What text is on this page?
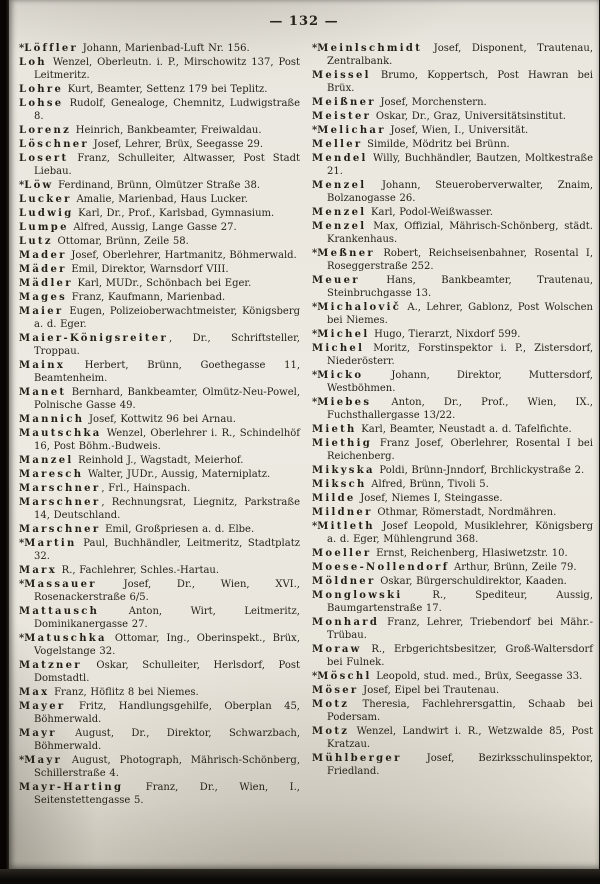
— 132 —

*Löffler Johann, Marienbad-Luft Nr. 156.

Loh Wenzel, Oberleutn. i. P., Mirschowitz 137, Post Leitmeritz.

Lohre Kurt, Beamter, Settenz 179 bei Teplitz.

Lohse Rudolf, Genealoge, Chemnitz, Ludwigstraße 8.

Lorenz Heinrich, Bankbeamter, Freiwaldau.

Löschner Josef, Lehrer, Brüx, Seegasse 29.

Losert Franz, Schulleiter, Altwasser, Post Stadt Liebau.

*Löw Ferdinand, Brünn, Olmützer Straße 38.

Lucker Amalie, Marienbad, Haus Lucker.

Ludwig Karl, Dr., Prof., Karlsbad, Gymnasium.

Lumpe Alfred, Aussig, Lange Gasse 27.

Lutz Ottomar, Brünn, Zeile 58.

Mader Josef, Oberlehrer, Hartmanitz, Böhmerwald.

Mäder Emil, Direktor, Warnsdorf VIII.

Mädler Karl, MUDr., Schönbach bei Eger.

Mages Franz, Kaufmann, Marienbad.

Maier Eugen, Polizeioberwachtmeister, Königsberg a. d. Eger.

Maier-Königsreiter, Dr., Schriftsteller, Troppau.

Mainx Herbert, Brünn, Goethegasse 11, Beamtenheim.

Manet Bernhard, Bankbeamter, Olmütz-Neu-Powel, Polnische Gasse 49.

Mannich Josef, Kottwitz 96 bei Arnau.

Mautschka Wenzel, Oberlehrer i. R., Schindelhöf 16, Post Böhm.-Budweis.

Manzel Reinhold J., Wagstadt, Meierhof.

Maresch Walter, JUDr., Aussig, Materniplatz.

Marschner, Frl., Hainspach.

Marschner, Rechnungsrat, Liegnitz, Parkstraße 14, Deutschland.

Marschner Emil, Großpriesen a. d. Elbe.

*Martin Paul, Buchhändler, Leitmeritz, Stadtplatz 32.

Marx R., Fachlehrer, Schles.-Hartau.

*Massauer Josef, Dr., Wien, XVI., Rosenackerstraße 6/5.

Mattausch Anton, Wirt, Leitmeritz, Dominikanergasse 27.

*Matuschka Ottomar, Ing., Oberinspekt., Brüx, Vogelstange 32.

Matzner Oskar, Schulleiter, Herlsdorf, Post Domstadtl.

Max Franz, Höflitz 8 bei Niemes.

Mayer Fritz, Handlungsgehilfe, Oberplan 45, Böhmerwald.

Mayr August, Dr., Direktor, Schwarzbach, Böhmerwald.

*Mayr August, Photograph, Mährisch-Schönberg, Schillerstraße 4.

Mayr-Harting Franz, Dr., Wien, I., Seitenstettengasse 5.

*Meinlschmidt Josef, Disponent, Trautenau, Zentralbank.

Meissel Brumo, Koppertsch, Post Hawran bei Brüx.

Meißner Josef, Morchenstern.

Meister Oskar, Dr., Graz, Universitätsinstitut.

*Melichar Josef, Wien, I., Universität.

Meller Similde, Mödritz bei Brünn.

Mendel Willy, Buchhändler, Bautzen, Moltkestraße 21.

Menzel Johann, Steueroberverwalter, Znaim, Bolzanogasse 26.

Menzel Karl, Podol-Weißwasser.

Menzel Max, Offizial, Mährisch-Schönberg, städt. Krankenhaus.

*Meßner Robert, Reichseisenbahner, Rosental I, Roseggerstraße 252.

Meuer Hans, Bankbeamter, Trautenau, Steinbruchgasse 13.

*Michalovič A., Lehrer, Gablonz, Post Wolschen bei Niemes.

*Michel Hugo, Tierarzt, Nixdorf 599.

Michel Moritz, Forstinspektor i. P., Zistersdorf, Niederösterr.

*Micko Johann, Direktor, Muttersdorf, Westböhmen.

*Miebes Anton, Dr., Prof., Wien, IX., Fuchsthallergasse 13/22.

Mieth Karl, Beamter, Neustadt a. d. Tafelfichte.

Miethig Franz Josef, Oberlehrer, Rosental I bei Reichenberg.

Mikyska Poldi, Brünn-Jnndorf, Brchlickystraße 2.

Miksch Alfred, Brünn, Tivoli 5.

Milde Josef, Niemes I, Steingasse.

Mildner Othmar, Römerstadt, Nordmähren.

*Mitleth Josef Leopold, Musiklehrer, Königsberg a. d. Eger, Mühlengrund 368.

Moeller Ernst, Reichenberg, Hlasiwetzstr. 10.

Moese-Nollendorf Arthur, Brünn, Zeile 79.

Möldner Oskar, Bürgerschuldirektor, Kaaden.

Monglowski R., Spediteur, Aussig, Baumgartenstraße 17.

Monhard Franz, Lehrer, Triebendorf bei Mähr.-Trübau.

Moraw R., Erbgerichtsbesitzer, Groß-Waltersdorf bei Fulnek.

*Möschl Leopold, stud. med., Brüx, Seegasse 33.

Möser Josef, Eipel bei Trautenau.

Motz Theresia, Fachlehrersgattin, Schaab bei Podersam.

Motz Wenzel, Landwirt i. R., Wetzwalde 85, Post Kratzau.

Mühlberger Josef, Bezirksschulinspektor, Friedland.
